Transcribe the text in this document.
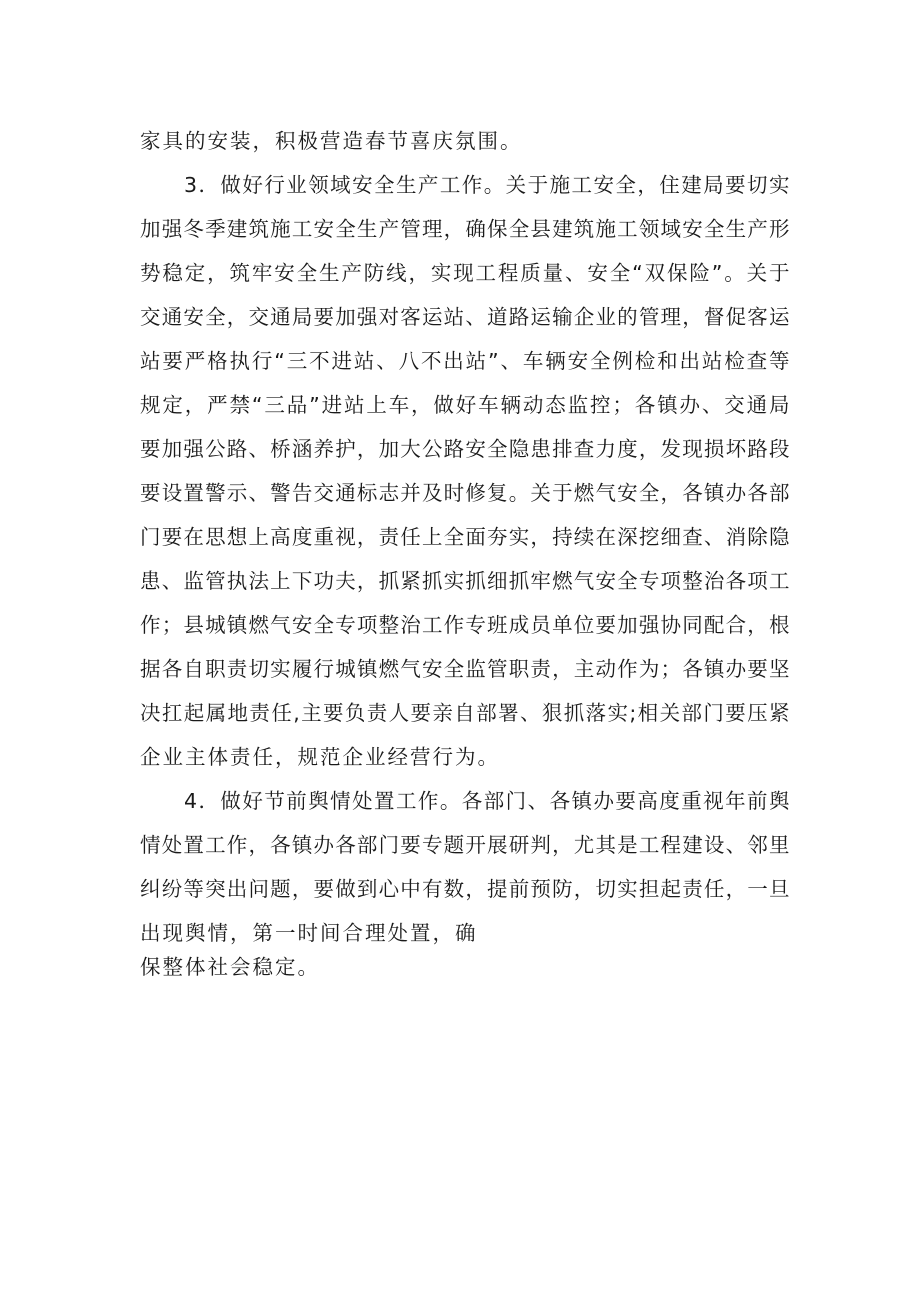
家具的安装，积极营造春节喜庆氛围。
3．做好行业领域安全生产工作。关于施工安全，住建局要切实
加强冬季建筑施工安全生产管理，确保全县建筑施工领域安全生产形
势稳定，筑牢安全生产防线，实现工程质量、安全“双保险”。关于
交通安全，交通局要加强对客运站、道路运输企业的管理，督促客运
站要严格执行“三不进站、八不出站”、车辆安全例检和出站检查等
规定，严禁“三品”进站上车，做好车辆动态监控；各镇办、交通局
要加强公路、桥涵养护，加大公路安全隐患排查力度，发现损坏路段
要设置警示、警告交通标志并及时修复。关于燃气安全，各镇办各部
门要在思想上高度重视，责任上全面夯实，持续在深挖细查、消除隐
患、监管执法上下功夫，抓紧抓实抓细抓牢燃气安全专项整治各项工
作；县城镇燃气安全专项整治工作专班成员单位要加强协同配合，根
据各自职责切实履行城镇燃气安全监管职责，主动作为；各镇办要坚
决扛起属地责任,主要负责人要亲自部署、狠抓落实;相关部门要压紧
企业主体责任，规范企业经营行为。
4．做好节前舆情处置工作。各部门、各镇办要高度重视年前舆
情处置工作，各镇办各部门要专题开展研判，尤其是工程建设、邻里
纠纷等突出问题，要做到心中有数，提前预防，切实担起责任，一旦
出现舆情，第一时间合理处置，确
保整体社会稳定。
